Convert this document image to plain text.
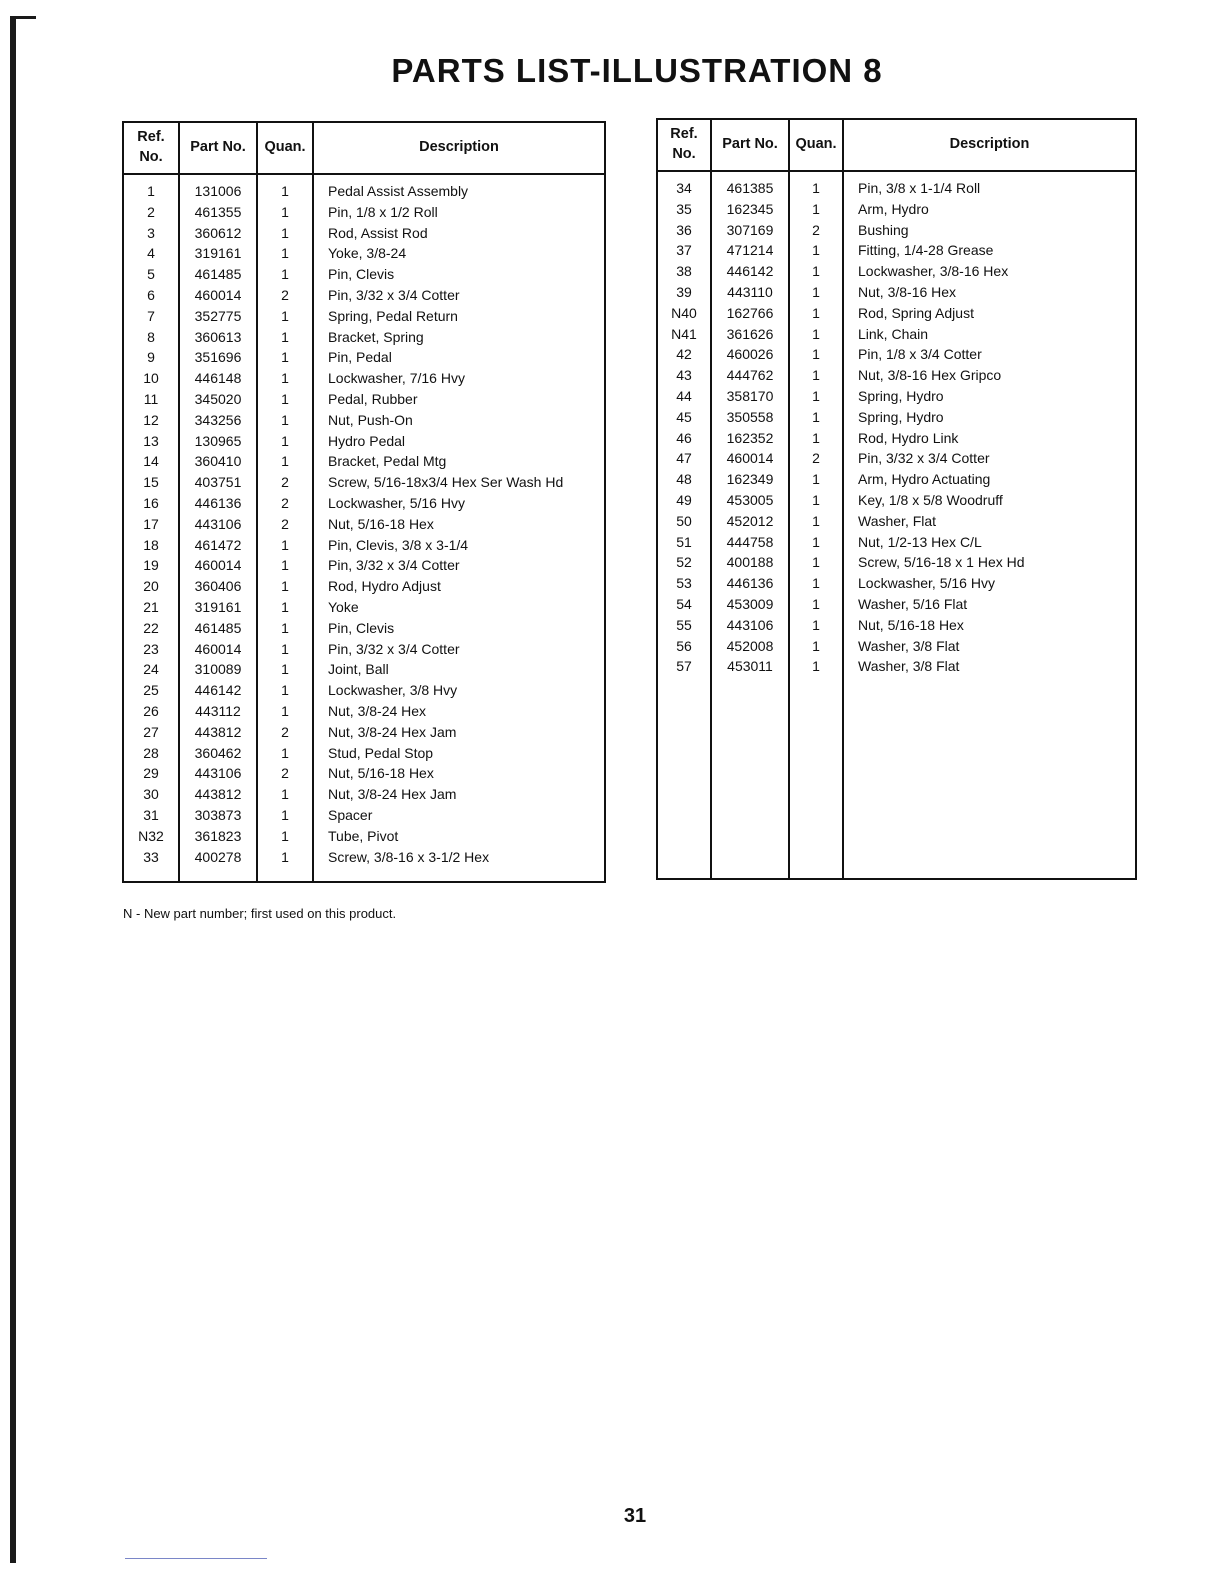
PARTS LIST-ILLUSTRATION 8
Ref.
No.	Part No.	Quan.	Description
1	131006	1	Pedal Assist Assembly
2	461355	1	Pin, 1/8 x 1/2 Roll
3	360612	1	Rod, Assist Rod
4	319161	1	Yoke, 3/8-24
5	461485	1	Pin, Clevis
6	460014	2	Pin, 3/32 x 3/4 Cotter
7	352775	1	Spring, Pedal Return
8	360613	1	Bracket, Spring
9	351696	1	Pin, Pedal
10	446148	1	Lockwasher, 7/16 Hvy
11	345020	1	Pedal, Rubber
12	343256	1	Nut, Push-On
13	130965	1	Hydro Pedal
14	360410	1	Bracket, Pedal Mtg
15	403751	2	Screw, 5/16-18x3/4 Hex Ser Wash Hd
16	446136	2	Lockwasher, 5/16 Hvy
17	443106	2	Nut, 5/16-18 Hex
18	461472	1	Pin, Clevis, 3/8 x 3-1/4
19	460014	1	Pin, 3/32 x 3/4 Cotter
20	360406	1	Rod, Hydro Adjust
21	319161	1	Yoke
22	461485	1	Pin, Clevis
23	460014	1	Pin, 3/32 x 3/4 Cotter
24	310089	1	Joint, Ball
25	446142	1	Lockwasher, 3/8 Hvy
26	443112	1	Nut, 3/8-24 Hex
27	443812	2	Nut, 3/8-24 Hex Jam
28	360462	1	Stud, Pedal Stop
29	443106	2	Nut, 5/16-18 Hex
30	443812	1	Nut, 3/8-24 Hex Jam
31	303873	1	Spacer
N32	361823	1	Tube, Pivot
33	400278	1	Screw, 3/8-16 x 3-1/2 Hex

Ref.
No.	Part No.	Quan.	Description
34	461385	1	Pin, 3/8 x 1-1/4 Roll
35	162345	1	Arm, Hydro
36	307169	2	Bushing
37	471214	1	Fitting, 1/4-28 Grease
38	446142	1	Lockwasher, 3/8-16 Hex
39	443110	1	Nut, 3/8-16 Hex
N40	162766	1	Rod, Spring Adjust
N41	361626	1	Link, Chain
42	460026	1	Pin, 1/8 x 3/4 Cotter
43	444762	1	Nut, 3/8-16 Hex Gripco
44	358170	1	Spring, Hydro
45	350558	1	Spring, Hydro
46	162352	1	Rod, Hydro Link
47	460014	2	Pin, 3/32 x 3/4 Cotter
48	162349	1	Arm, Hydro Actuating
49	453005	1	Key, 1/8 x 5/8 Woodruff
50	452012	1	Washer, Flat
51	444758	1	Nut, 1/2-13 Hex C/L
52	400188	1	Screw, 5/16-18 x 1 Hex Hd
53	446136	1	Lockwasher, 5/16 Hvy
54	453009	1	Washer, 5/16 Flat
55	443106	1	Nut, 5/16-18 Hex
56	452008	1	Washer, 3/8 Flat
57	453011	1	Washer, 3/8 Flat

N - New part number; first used on this product.
31
